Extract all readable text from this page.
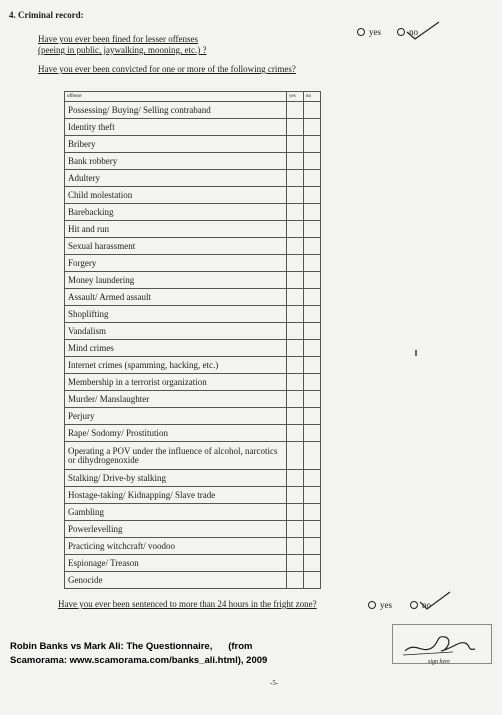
4. Criminal record:
Have you ever been fined for lesser offenses
(peeing in public, jaywalking, mooning, etc.) ?
yes	no
Have you ever been convicted for one or more of the following crimes?
offense	yes	no
Possessing/ Buying/ Selling contraband		
Identity theft		
Bribery		
Bank robbery		
Adultery		
Child molestation		
Barebacking		
Hit and run		
Sexual harassment		
Forgery		
Money laundering		
Assault/ Armed assault		
Shoplifting		
Vandalism		
Mind crimes		
Internet crimes (spamming, hacking, etc.)		
Membership in a terrorist organization		
Murder/ Manslaughter		
Perjury		
Rape/ Sodomy/ Prostitution		
Operating a POV under the influence of alcohol, narcotics or dihydrogenoxide		
Stalking/ Drive-by stalking		
Hostage-taking/ Kidnapping/ Slave trade		
Gambling		
Powerlevelling		
Practicing witchcraft/ voodoo		
Espionage/ Treason		
Genocide		
Have you ever been sentenced to more than 24 hours in the fright zone?	yes	no
Robin Banks vs Mark Ali: The Questionnaire,      (from
Scamorama: www.scamorama.com/banks_ali.html), 2009	sign here
-5-
